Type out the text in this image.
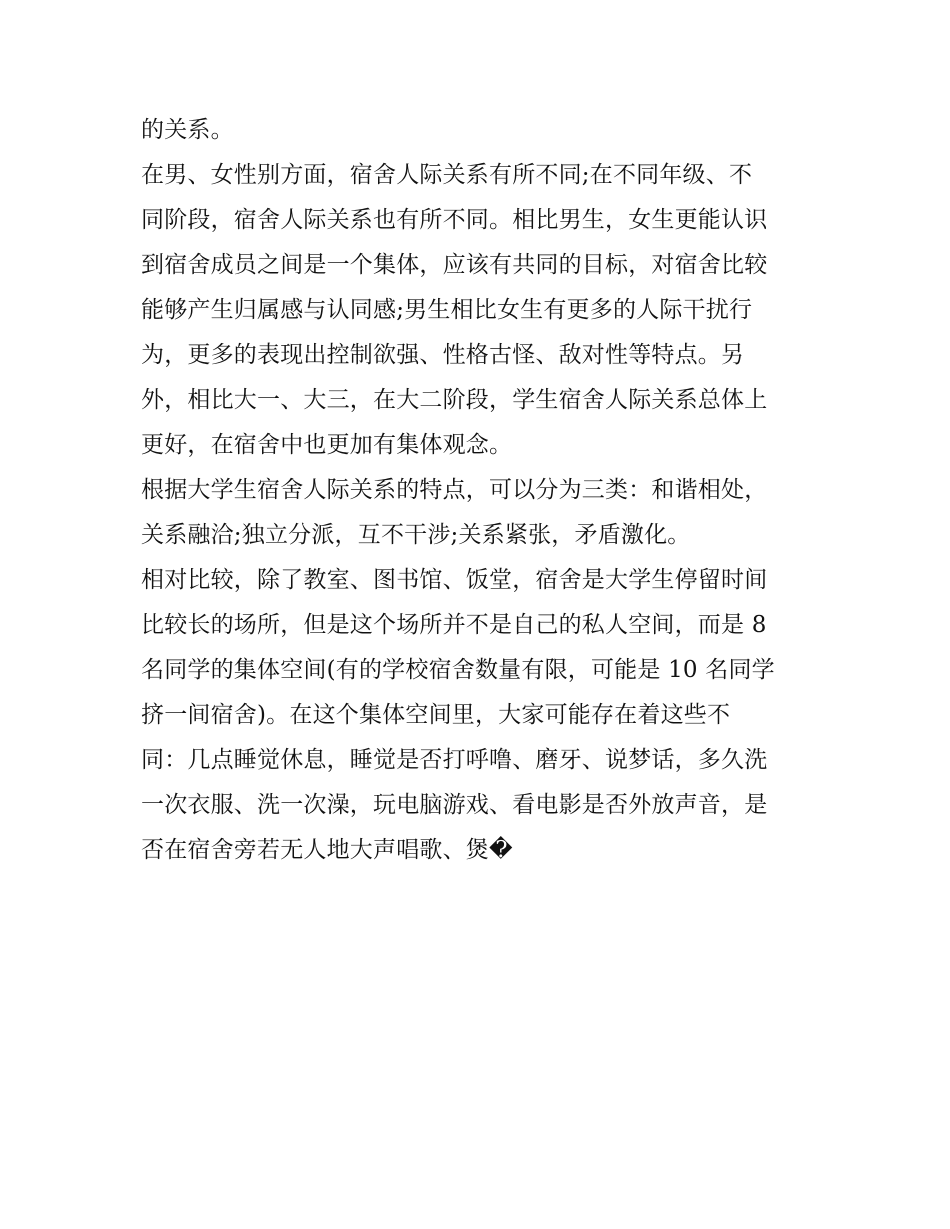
的关系。
在男、女性别方面，宿舍人际关系有所不同;在不同年级、不
同阶段，宿舍人际关系也有所不同。相比男生，女生更能认识
到宿舍成员之间是一个集体，应该有共同的目标，对宿舍比较
能够产生归属感与认同感;男生相比女生有更多的人际干扰行
为，更多的表现出控制欲强、性格古怪、敌对性等特点。另
外，相比大一、大三，在大二阶段，学生宿舍人际关系总体上
更好，在宿舍中也更加有集体观念。
根据大学生宿舍人际关系的特点，可以分为三类：和谐相处，
关系融洽;独立分派，互不干涉;关系紧张，矛盾激化。
相对比较，除了教室、图书馆、饭堂，宿舍是大学生停留时间
比较长的场所，但是这个场所并不是自己的私人空间，而是 8
名同学的集体空间(有的学校宿舍数量有限，可能是 10 名同学
挤一间宿舍)。在这个集体空间里，大家可能存在着这些不
同：几点睡觉休息，睡觉是否打呼噜、磨牙、说梦话，多久洗
一次衣服、洗一次澡，玩电脑游戏、看电影是否外放声音，是
否在宿舍旁若无人地大声唱歌、煲�
